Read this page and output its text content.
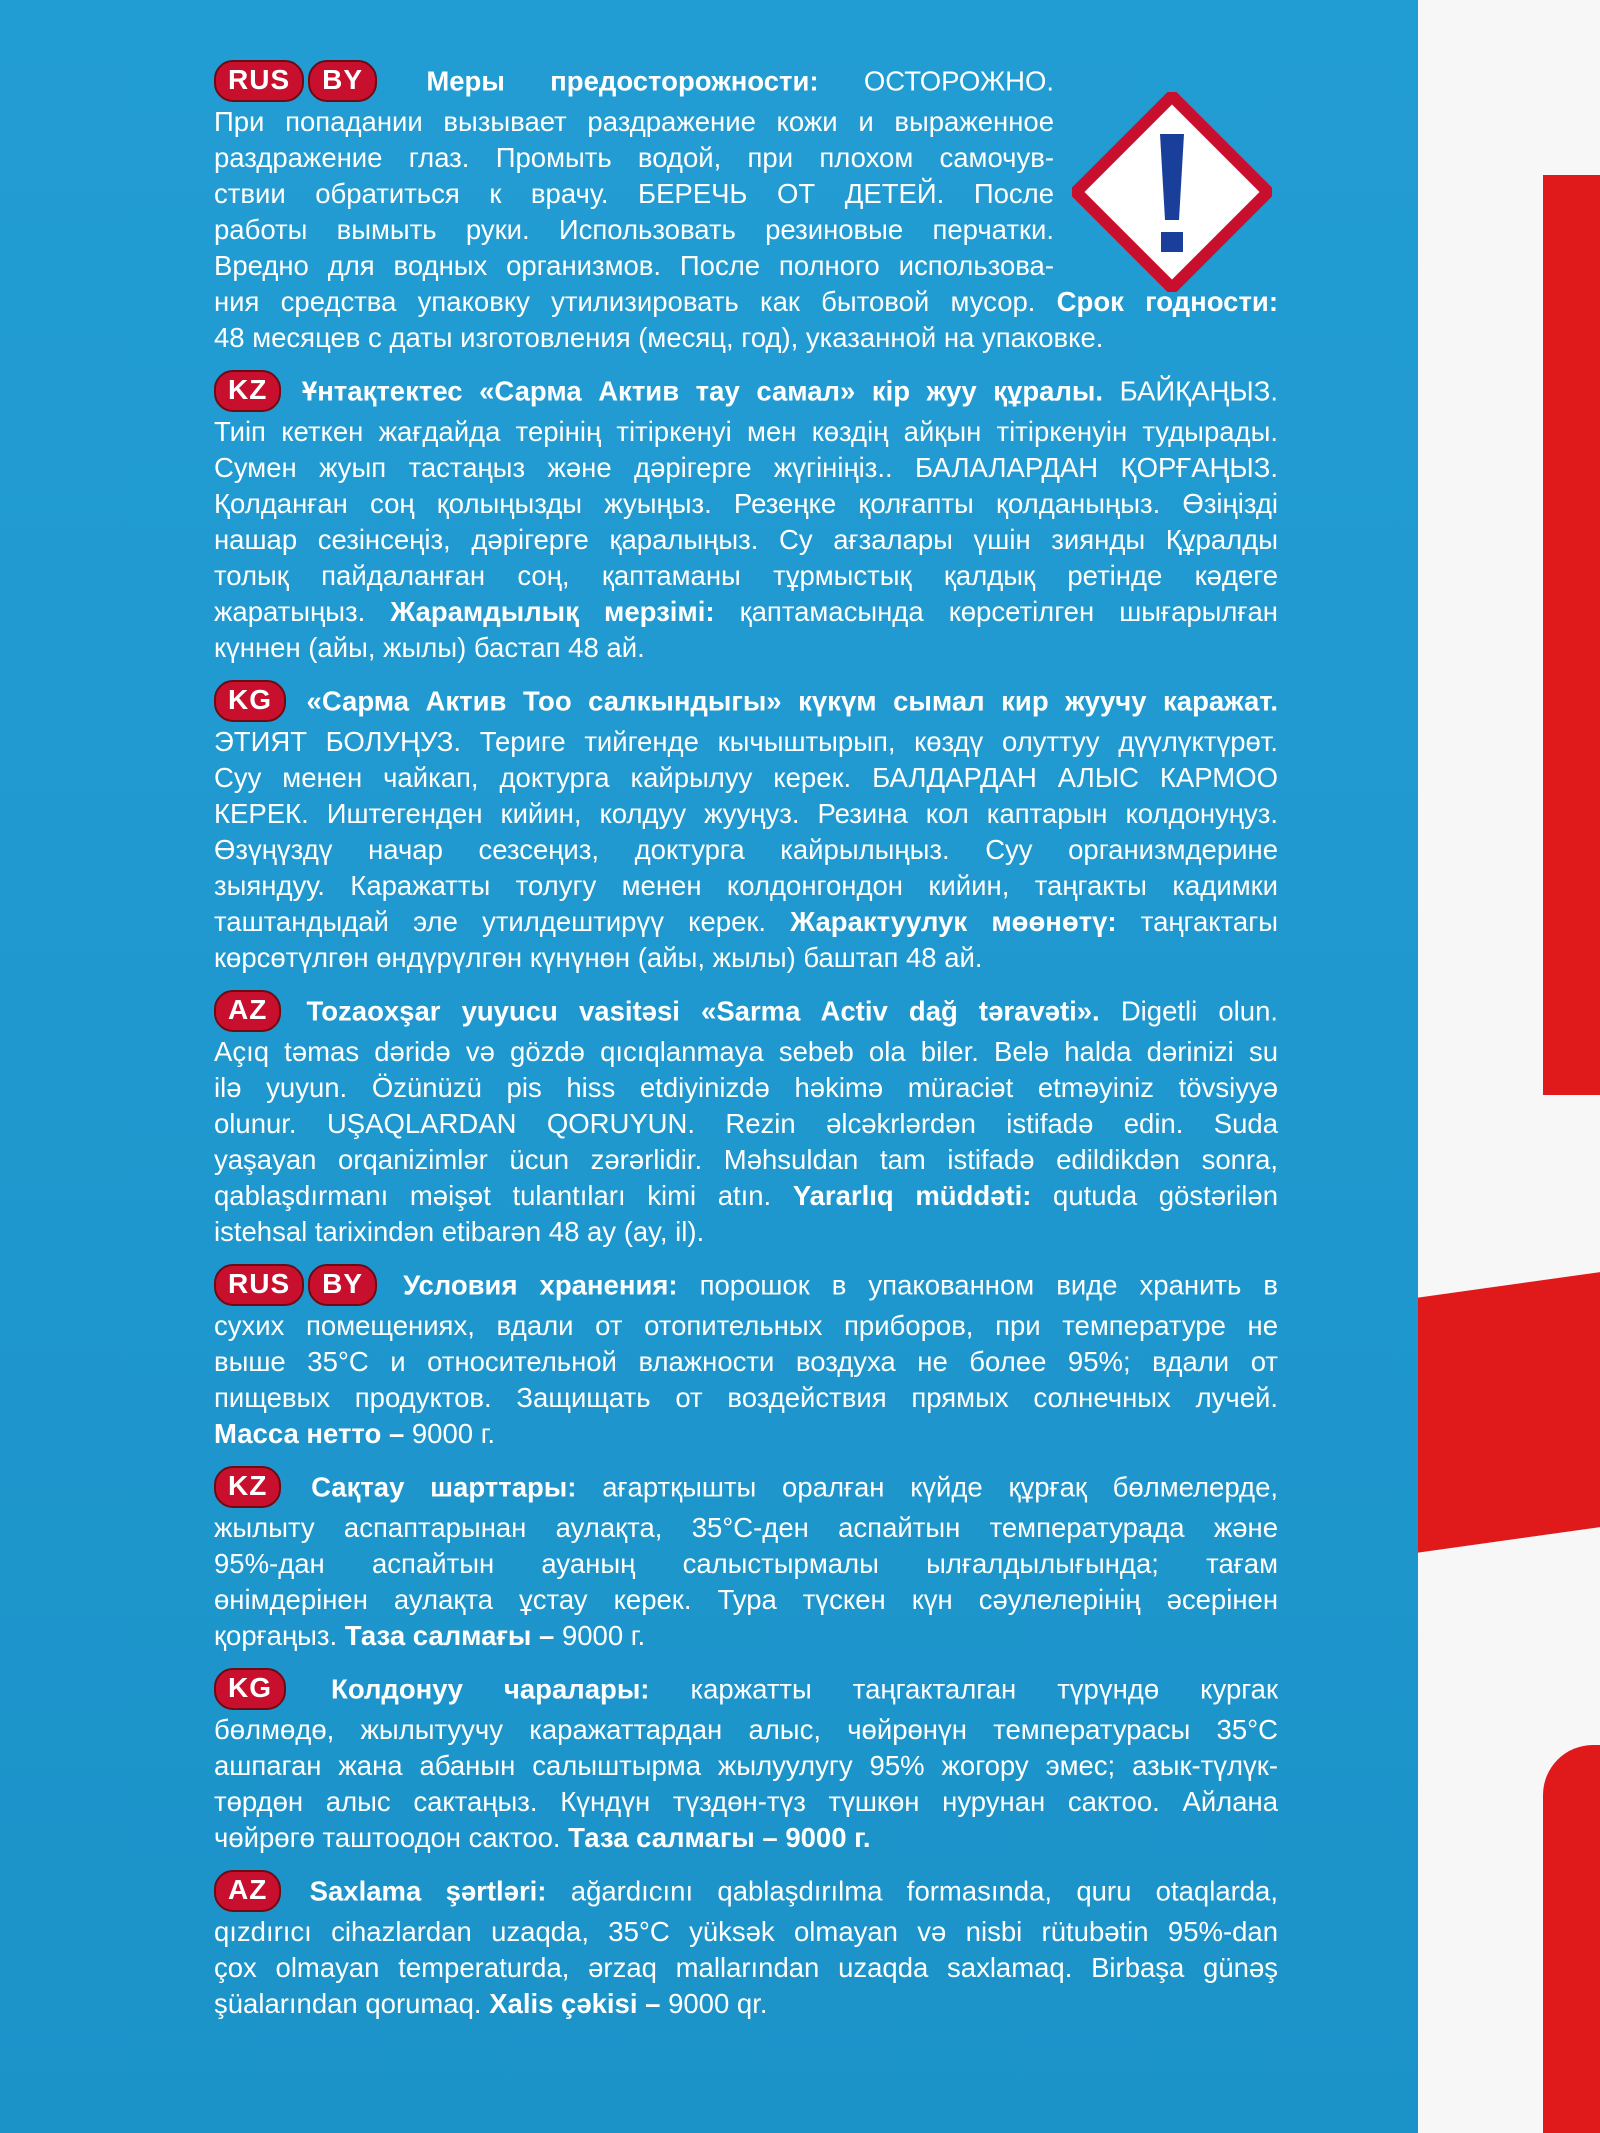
RUS BY Меры предосторожности: ОСТОРОЖНО.
При попадании вызывает раздражение кожи и выраженное
раздражение глаз. Промыть водой, при плохом самочув-
ствии обратиться к врачу. БЕРЕЧЬ ОТ ДЕТЕЙ. После
работы вымыть руки. Использовать резиновые перчатки.
Вредно для водных организмов. После полного использова-
ния средства упаковку утилизировать как бытовой мусор. Срок годности:
48 месяцев с даты изготовления (месяц, год), указанной на упаковке.
KZ Ұнтақтектес «Сарма Актив тау самал» кір жуу құралы. БАЙҚАҢЫЗ.
Тиіп кеткен жағдайда терінің тітіркенуі мен көздің айқын тітіркенуін тудырады.
Сумен жуып тастаңыз және дәрігерге жүгініңіз.. БАЛАЛАРДАН ҚОРҒАҢЫЗ.
Қолданған соң қолыңызды жуыңыз. Резеңке қолғапты қолданыңыз. Өзіңізді
нашар сезінсеңіз, дәрігерге қаралыңыз. Су ағзалары үшін зиянды Құралды
толық пайдаланған соң, қаптаманы тұрмыстық қалдық ретінде кәдеге
жаратыңыз. Жарамдылық мерзімі: қаптамасында көрсетілген шығарылған
күннен (айы, жылы) бастап 48 ай.
KG «Сарма Актив Тоо салкындыгы» күкүм сымал кир жуучу каражат.
ЭТИЯТ БОЛУҢУЗ. Териге тийгенде кычыштырып, көздү олуттуу дүүлүктүрөт.
Суу менен чайкап, доктурга кайрылуу керек. БАЛДАРДАН АЛЫС КАРМОО
КЕРЕК. Иштегенден кийин, колдуу жууңуз. Резина кол каптарын колдонуңуз.
Өзүңүздү начар сезсеңиз, доктурга кайрылыңыз. Суу организмдерине
зыяндуу. Каражатты толугу менен колдонгондон кийин, таңгакты кадимки
таштандыдай эле утилдештирүү керек. Жарактуулук мөөнөтү: таңгактагы
көрсөтүлгөн өндүрүлгөн күнүнөн (айы, жылы) баштап 48 ай.
AZ Tozaoxşar yuyucu vasitəsi «Sarma Activ dağ təravəti». Digetli olun.
Açıq təmas dəridə və gözdə qıcıqlanmaya sebeb ola biler. Belə halda dərinizi su
ilə yuyun. Özünüzü pis hiss etdiyinizdə həkimə müraciət etməyiniz tövsiyyə
olunur. UŞAQLARDAN QORUYUN. Rezin əlcəkrlərdən istifadə edin. Suda
yaşayan orqanizimlər ücun zərərlidir. Məhsuldan tam istifadə edildikdən sonra,
qablaşdırmanı məişət tulantıları kimi atın. Yararlıq müddəti: qutuda göstərilən
istehsal tarixindən etibarən 48 ay (ay, il).
RUS BY Условия хранения: порошок в упакованном виде хранить в
сухих помещениях, вдали от отопительных приборов, при температуре не
выше 35°C и относительной влажности воздуха не более 95%; вдали от
пищевых продуктов. Защищать от воздействия прямых солнечных лучей.
Масса нетто – 9000 г.
KZ Сақтау шарттары: ағартқышты оралған күйде құрғақ бөлмелерде,
жылыту аспаптарынан аулақта, 35°С-ден аспайтын температурада және
95%-дан аспайтын ауаның салыстырмалы ылғалдылығында; тағам
өнімдерінен аулақта ұстау керек. Тура түскен күн сәулелерінің әсерінен
қорғаңыз. Таза салмағы – 9000 г.
KG Колдонуу чаралары: каржатты таңгакталган түрүндө кургак
бөлмөдө, жылытуучу каражаттардан алыс, чөйрөнүн температурасы 35°С
ашпаган жана абанын салыштырма жылуулугу 95% жогору эмес; азык-түлүк-
төрдөн алыс сактаңыз. Күндүн түздөн-түз түшкөн нурунан сактоо. Айлана
чөйрөгө таштоодон сактоо. Таза салмагы – 9000 г.
AZ Saxlama şərtləri: ağardıcını qablaşdırılma formasında, quru otaqlarda,
qızdırıcı cihazlardan uzaqda, 35°C yüksək olmayan və nisbi rütubətin 95%-dan
çox olmayan temperaturda, ərzaq mallarından uzaqda saxlamaq. Birbaşa günəş
şüalarından qorumaq. Xalis çəkisi – 9000 qr.
